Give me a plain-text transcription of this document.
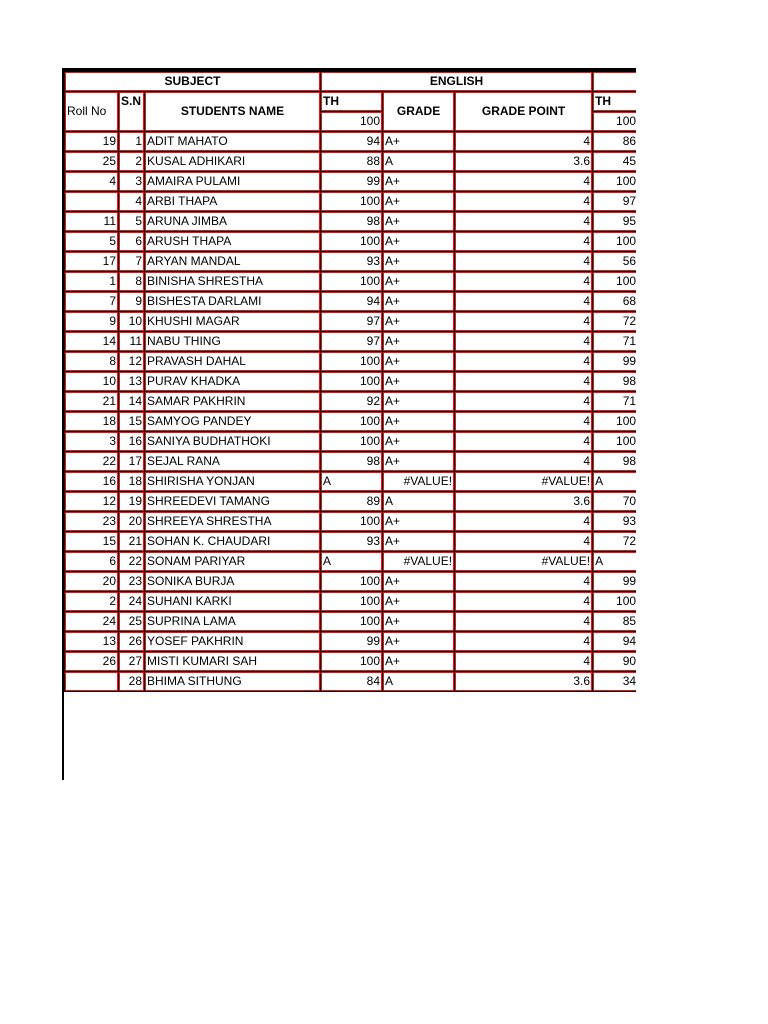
SUBJECT			ENGLISH			
Roll No	S.N	STUDENTS NAME	TH	GRADE	GRADE POINT	TH
			100			100
19	1	ADIT MAHATO	94	A+	4	86
25	2	KUSAL ADHIKARI	88	A	3.6	45
4	3	AMAIRA PULAMI	99	A+	4	100
	4	ARBI THAPA	100	A+	4	97
11	5	ARUNA JIMBA	98	A+	4	95
5	6	ARUSH THAPA	100	A+	4	100
17	7	ARYAN MANDAL	93	A+	4	56
1	8	BINISHA SHRESTHA	100	A+	4	100
7	9	BISHESTA DARLAMI	94	A+	4	68
9	10	KHUSHI MAGAR	97	A+	4	72
14	11	NABU THING	97	A+	4	71
8	12	PRAVASH DAHAL	100	A+	4	99
10	13	PURAV KHADKA	100	A+	4	98
21	14	SAMAR PAKHRIN	92	A+	4	71
18	15	SAMYOG PANDEY	100	A+	4	100
3	16	SANIYA BUDHATHOKI	100	A+	4	100
22	17	SEJAL RANA	98	A+	4	98
16	18	SHIRISHA YONJAN	A	#VALUE!	#VALUE!	A
12	19	SHREEDEVI TAMANG	89	A	3.6	70
23	20	SHREEYA SHRESTHA	100	A+	4	93
15	21	SOHAN K. CHAUDARI	93	A+	4	72
6	22	SONAM PARIYAR	A	#VALUE!	#VALUE!	A
20	23	SONIKA BURJA	100	A+	4	99
2	24	SUHANI KARKI	100	A+	4	100
24	25	SUPRINA LAMA	100	A+	4	85
13	26	YOSEF PAKHRIN	99	A+	4	94
26	27	MISTI KUMARI SAH	100	A+	4	90
	28	BHIMA SITHUNG	84	A	3.6	34
